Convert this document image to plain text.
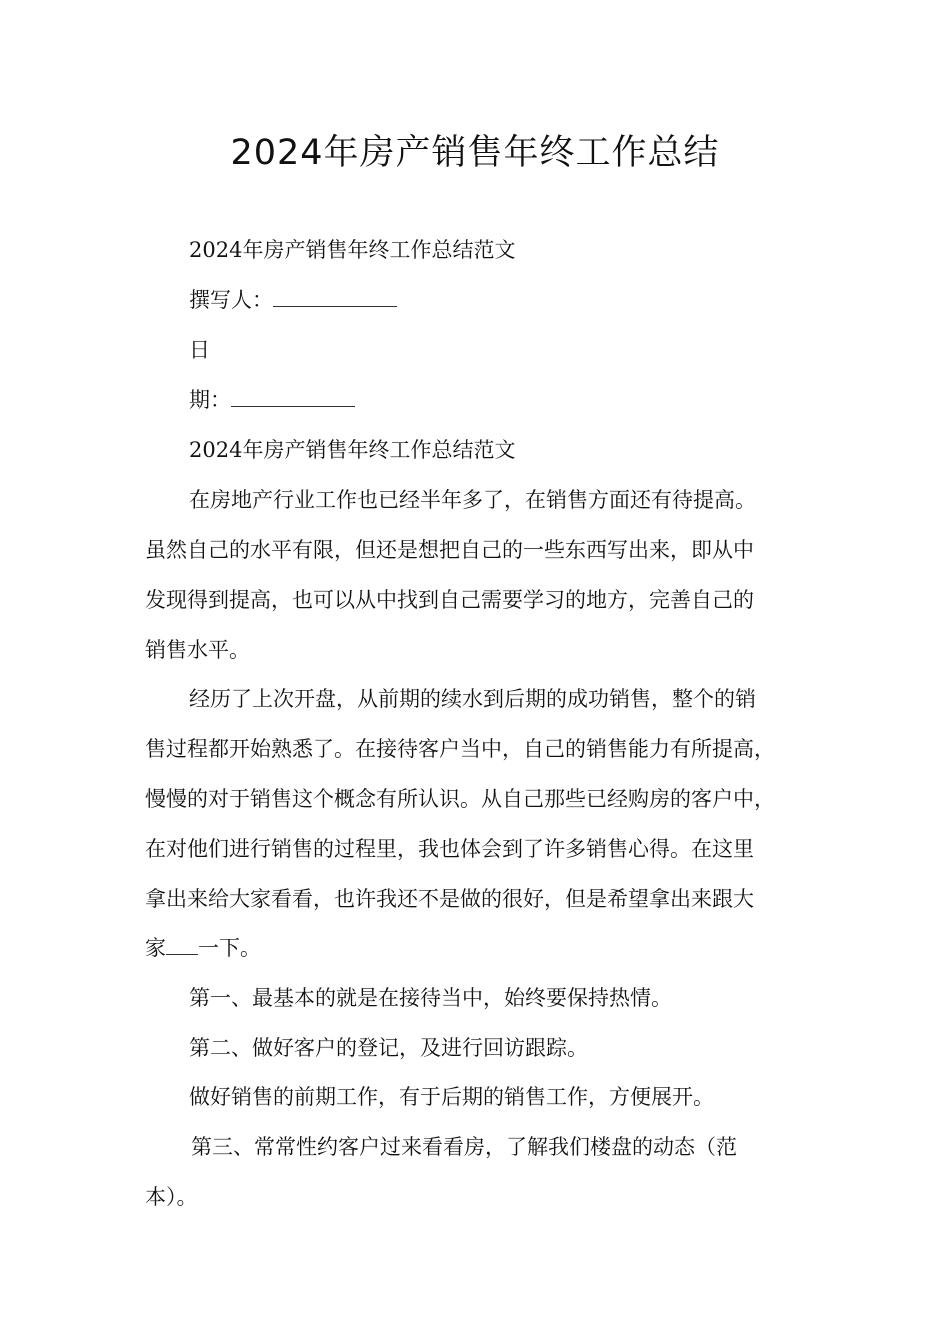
2024年房产销售年终工作总结
2024年房产销售年终工作总结范文
撰写人：
日
期：
2024年房产销售年终工作总结范文
在房地产行业工作也已经半年多了，在销售方面还有待提高。
虽然自己的水平有限，但还是想把自己的一些东西写出来，即从中
发现得到提高，也可以从中找到自己需要学习的地方，完善自己的
销售水平。
经历了上次开盘，从前期的续水到后期的成功销售，整个的销
售过程都开始熟悉了。在接待客户当中，自己的销售能力有所提高，
慢慢的对于销售这个概念有所认识。从自己那些已经购房的客户中，
在对他们进行销售的过程里，我也体会到了许多销售心得。在这里
拿出来给大家看看，也许我还不是做的很好，但是希望拿出来跟大
家 一下。
第一、最基本的就是在接待当中，始终要保持热情。
第二、做好客户的登记，及进行回访跟踪。
做好销售的前期工作，有于后期的销售工作，方便展开。
第三、常常性约客户过来看看房，了解我们楼盘的动态（范
本）。
